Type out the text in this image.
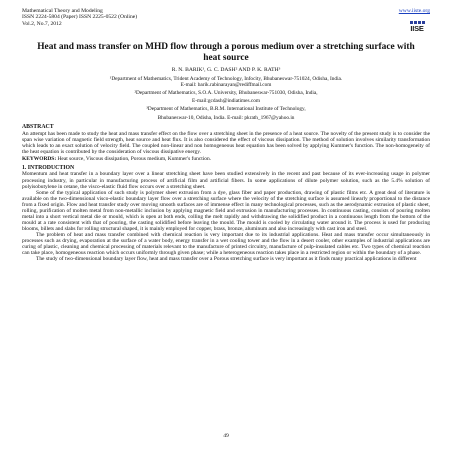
Mathematical Theory and Modeling
ISSN 2224-5804 (Paper) ISSN 2225-0522 (Online)
Vol.2, No.7, 2012
www.iiste.org
IISE
Heat and mass transfer on MHD flow through a porous medium over a stretching surface with heat source
R. N. BARIK¹, G. C. DASH² AND P. K. RATH³
¹Department of Mathematics, Trident Academy of Technology, Infocity, Bhubaneswar-751024, Odisha, India.
E-mail: barik.rabinarayan@rediffmail.com
²Department of Mathematics, S.O.A. University, Bhubaneswar-751030, Odisha, India,
E-mail:gcdash@indiatimes.com
³Department of Mathematics, B.R.M. International Institute of Technology,
Bhubaneswar-10, Odisha, India. E-mail: pkrath_1967@yahoo.in
ABSTRACT

An attempt has been made to study the heat and mass transfer effect on the flow over a stretching sheet in the presence of a heat source. The novelty of the present study is to consider the span wise variation of magnetic field strength, heat source and heat flux. It is also considered the effect of viscous dissipation. The method of solution involves similarity transformation which leads to an exact solution of velocity field. The coupled non-linear and non homogeneous heat equation has been solved by applying Kummer's function. The non-homogeneity of the heat equation is contributed by the consideration of viscous dissipative energy.

KEYWORDS: Heat source, Viscous dissipation, Porous medium, Kummer's function.
1. INTRODUCTION

Momentum and heat transfer in a boundary layer over a linear stretching sheet have been studied extensively in the recent and past because of its ever-increasing usage in polymer processing industry, in particular in manufacturing process of artificial film and artificial fibers. In some applications of dilute polymer solution, such as the 5.4% solution of polyisobutylene in cetane, the visco-elastic fluid flow occurs over a stretching sheet.

Some of the typical application of such study is polymer sheet extrusion from a dye, glass fiber and paper production, drawing of plastic films etc. A great deal of literature is available on the two-dimensional visco-elastic boundary layer flow over a stretching surface where the velocity of the stretching surface is assumed linearly proportional to the distance from a fixed origin. Flow and heat transfer study over moving smooth surfaces are of immense effect in many technological processes, such as the aerodynamic extrusion of plastic sheet, rolling, purification of molten metal from non-metallic inclusion by applying magnetic field and extrusion in manufacturing processes. In continuous casting, consists of pouring molten metal into a short vertical metal die or mould, which is open at both ends, colling the melt rapidly and withdrawing the solidified product in a continuous length from the bottom of the mould at a rate consistent with that of pouring, the casting solidified before leaving the mould. The mould is cooled by circulating water around it. The process is used for producing blooms, billets and slabs for rolling structural shaped, it is mainly employed for copper, brass, bronze, aluminum and also increasingly with cast iron and steel.

The problem of heat and mass transfer combined with chemical reaction is very important due to its industrial applications. Heat and mass transfer occur simultaneously in processes such as drying, evaporation at the surface of a water body, energy transfer in a wet cooling tower and the flow in a desert cooler, other examples of industrial applications are curing of plastic, cleaning and chemical processing of materials relevant to the manufacture of printed circuitry, manufacture of pulp-insulated cables etc. Two types of chemical reaction can take place, homogeneous reaction which occurs uniformly through given phase; while a heterogeneous reaction takes place in a restricted region or within the boundary of a phase.

The study of two-dimensional boundary layer flow, heat and mass transfer over a Porous stretching surface is very important as it finds many practical applications in different

49
